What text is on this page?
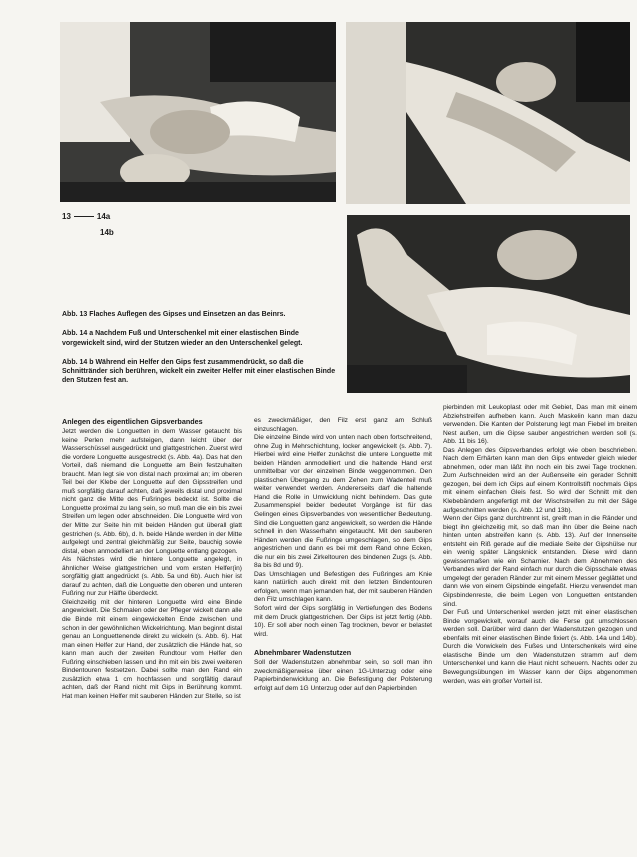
13	14a
14b

Abb. 13 Flaches Auflegen des Gipses und Einsetzen an das Beinrs.

Abb. 14 a Nachdem Fuß und Unterschenkel mit einer elastischen Binde vorgewickelt sind, wird der Stutzen wieder an den Unterschenkel gelegt.

Abb. 14 b Während ein Helfer den Gips fest zusammendrückt, so daß die Schnittränder sich berühren, wickelt ein zweiter Helfer mit einer elastischen Binde den Stutzen fest an.

Anlegen des eigentlichen Gipsverbandes

Jetzt werden die Longuetten in dem Wasser getaucht bis keine Perlen mehr aufsteigen, dann leicht über der Wasserschüssel ausgedrückt und glattgestrichen. Zuerst wird die vordere Longuette ausgestreckt (s. Abb. 4a). Das hat den Vorteil, daß niemand die Longuette am Bein festzuhalten braucht. Man legt sie von distal nach proximal an; im oberen Teil bei der Klebe der Longuette auf den Gipsstreifen und muß sorgfältig darauf achten, daß jeweils distal und proximal nicht ganz die Mitte des Fußringes bedeckt ist. Sollte die Longuette proximal zu lang sein, so muß man die ein bis zwei Streifen um legen oder abschneiden. Die Longuette wird von der Mitte zur Seite hin mit beiden Händen gut überall glatt gestrichen (s. Abb. 6b), d. h. beide Hände werden in der Mitte aufgelegt und zentral gleichmäßig zur Seite, bauchig sowie distal, eben anmodelliert an der Longuette entlang gezogen.

Als Nächstes wird die hintere Longuette angelegt, in ähnlicher Weise glattgestrichen und vom ersten Helfer(in) sorgfältig glatt angedrückt (s. Abb. 5a und 6b). Auch hier ist darauf zu achten, daß die Longuette den oberen und unteren Fußring nur zur Hälfte überdeckt.

Gleichzeitig mit der hinteren Longuette wird eine Binde angewickelt. Die Schmalen oder der Pfleger wickelt dann alle die Binde mit einem eingewickelten Ende zwischen und schon in der gewöhnlichen Wickelrichtung. Man beginnt distal genau an Longuettenende direkt zu wickeln (s. Abb. 6). Hat man einen Helfer zur Hand, der zusätzlich die Hände hat, so kann man auch der zweiten Rundtour vom Helfer den Fußring einschieben lassen und ihn mit ein bis zwei weiteren Bindentouren festsetzen. Dabei sollte man den Rand ein zusätzlich etwa 1 cm hochfassen und sorgfältig darauf achten, daß der Rand nicht mit Gips in Berührung kommt. Hat man keinen Helfer mit sauberen Händen zur Stelle, so ist

es zweckmäßiger, den Filz erst ganz am Schluß einzuschlagen.

Die einzelne Binde wird von unten nach oben fortschreitend, ohne Zug in Mehrschichtung, locker angewickelt (s. Abb. 7). Hierbei wird eine Helfer zunächst die untere Longuette mit beiden Händen anmodelliert und die haltende Hand erst unmittelbar vor der einzelnen Binde weggenommen. Den plastischen Übergang zu dem Zehen zum Wadenteil muß weiter verwendet werden. Andererseits darf die haltende Hand die Rolle in Umwicklung nicht behindern. Das gute Zusammenspiel beider bedeutet Vorgänge ist für das Gelingen eines Gipsverbandes von wesentlicher Bedeutung. Sind die Longuetten ganz angewickelt, so werden die Hände schnell in den Wasserhahn eingetaucht. Mit den sauberen Händen werden die Fußringe umgeschlagen, so dem Gips angestrichen und dann es bei mit dem Rand ohne Ecken, die nur ein bis zwei Zirkeltouren des bindenen Zugs (s. Abb. 8a bis 8d und 9).

Das Umschlagen und Befestigen des Fußringes am Knie kann natürlich auch direkt mit den letzten Bindentouren erfolgen, wenn man jemanden hat, der mit sauberen Händen den Filz umschlagen kann.

Sofort wird der Gips sorgfältig in Vertiefungen des Bodens mit dem Druck glattgestrichen. Der Gips ist jetzt fertig (Abb. 10). Er soll aber noch einen Tag trocknen, bevor er belastet wird.

Abnehmbarer Wadenstutzen

Soll der Wadenstutzen abnehmbar sein, so soll man ihn zweckmäßigerweise über einen 1G-Unterzug oder eine Papierbindenwicklung an. Die Befestigung der Polsterung erfolgt auf dem 1G Unterzug oder auf den Papierbinden

pierbinden mit Leukoplast oder mit Gebiet, Das man mit einem Abziehstreifen aufheben kann. Auch Maskelin kann man dazu verwenden. Die Kanten der Polsterung legt man Fiebel im breiten Nest außen, um die Gipse sauber angestrichen werden soll (s. Abb. 11 bis 16).

Das Anlegen des Gipsverbandes erfolgt wie oben beschrieben. Nach dem Erhärten kann man den Gips entweder gleich wieder abnehmen, oder man läßt ihn noch ein bis zwei Tage trocknen. Zum Aufschneiden wird an der Außenseite ein gerader Schnitt gezogen, bei dem ich Gips auf einem Kontrollstift nochmals Gips mit einem einfachen Gleis fest. So wird der Schnitt mit den Klebebändern angefertigt mit der Wischstreifen zu mit der Säge aufgeschnitten werden (s. Abb. 12 und 13b).

Wenn der Gips ganz durchtrennt ist, greift man in die Ränder und biegt ihn gleichzeitig mit, so daß man ihn über die Beine nach hinten unten abstreifen kann (s. Abb. 13). Auf der Innenseite entsteht ein Riß gerade auf die mediale Seite der Gipshülse nur ein wenig später Längsknick entstanden. Diese wird dann gewissermaßen wie ein Scharnier. Nach dem Abnehmen des Verbandes wird der Rand einfach nur durch die Gipsschale etwas umgelegt der geraden Ränder zur mit einem Messer geglättet und dann wie von einem Gipsbinde eingefaßt. Hierzu verwendet man Gipsbindenreste, die beim Legen von Longuetten entstanden sind.

Der Fuß und Unterschenkel werden jetzt mit einer elastischen Binde vorgewickelt, worauf auch die Ferse gut umschlossen werden soll. Darüber wird dann der Wadenstutzen gezogen und ebenfalls mit einer elastischen Binde fixiert (s. Abb. 14a und 14b). Durch die Vorwickeln des Fußes und Unterschenkels wird eine elastische Binde um den Wadenstutzen stramm auf dem Unterschenkel und kann die Haut nicht scheuern. Nachts oder zu Bewegungsübungen im Wasser kann der Gips abgenommen werden, was ein großer Vorteil ist.
